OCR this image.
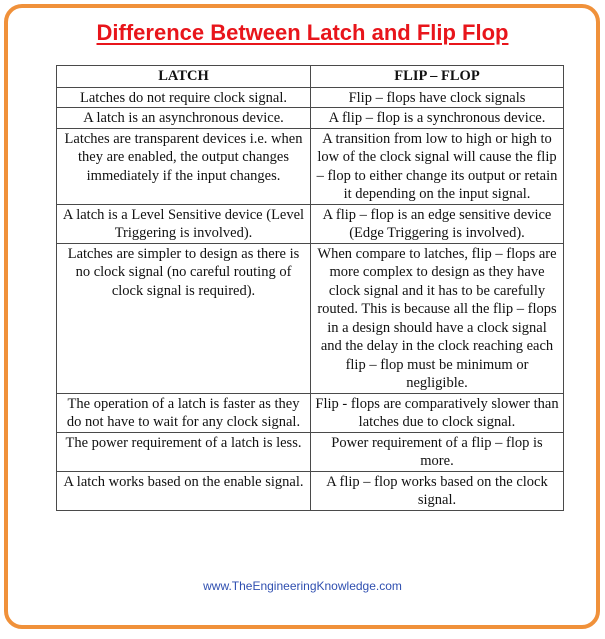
Difference Between Latch and Flip Flop
LATCH	FLIP – FLOP
Latches do not require clock signal.	Flip – flops have clock signals
A latch is an asynchronous device.	A flip – flop is a synchronous device.
Latches are transparent devices i.e. when they are enabled, the output changes immediately if the input changes.	A transition from low to high or high to low of the clock signal will cause the flip – flop to either change its output or retain it depending on the input signal.
A latch is a Level Sensitive device (Level Triggering is involved).	A flip – flop is an edge sensitive device (Edge Triggering is involved).
Latches are simpler to design as there is no clock signal (no careful routing of clock signal is required).	When compare to latches, flip – flops are more complex to design as they have clock signal and it has to be carefully routed. This is because all the flip – flops in a design should have a clock signal and the delay in the clock reaching each flip – flop must be minimum or negligible.
The operation of a latch is faster as they do not have to wait for any clock signal.	Flip - flops are comparatively slower than latches due to clock signal.
The power requirement of a latch is less.	Power requirement of a flip – flop is more.
A latch works based on the enable signal.	A flip – flop works based on the clock signal.
www.TheEngineeringKnowledge.com
